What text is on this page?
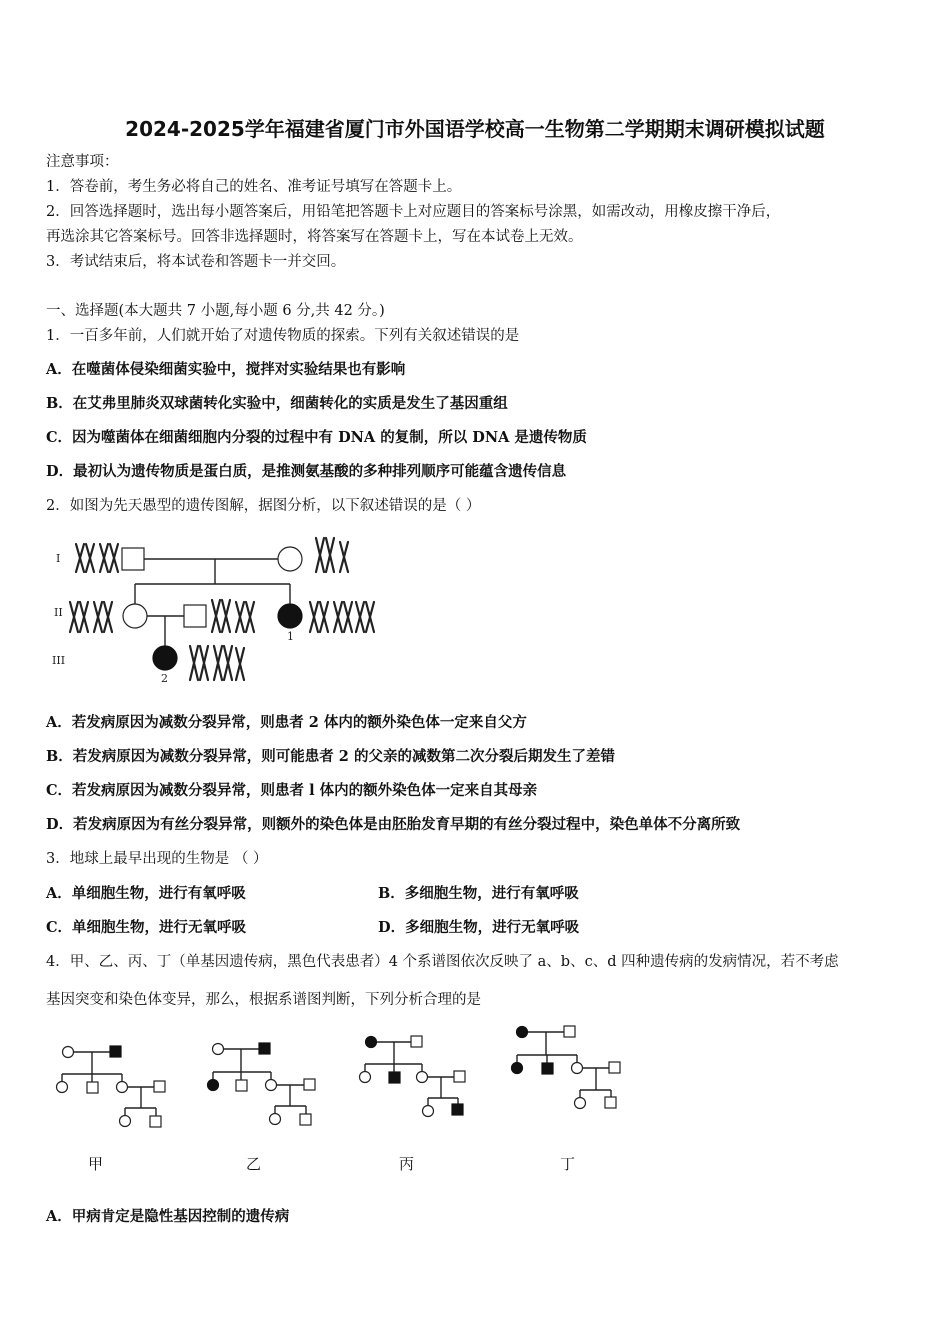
2024-2025学年福建省厦门市外国语学校高一生物第二学期期末调研模拟试题
注意事项：
1．答卷前，考生务必将自己的姓名、准考证号填写在答题卡上。
2．回答选择题时，选出每小题答案后，用铅笔把答题卡上对应题目的答案标号涂黑，如需改动，用橡皮擦干净后，
再选涂其它答案标号。回答非选择题时，将答案写在答题卡上，写在本试卷上无效。
3．考试结束后，将本试卷和答题卡一并交回。
一、选择题(本大题共 7 小题,每小题 6 分,共 42 分。)
1．一百多年前，人们就开始了对遗传物质的探索。下列有关叙述错误的是
A．在噬菌体侵染细菌实验中，搅拌对实验结果也有影响
B．在艾弗里肺炎双球菌转化实验中，细菌转化的实质是发生了基因重组
C．因为噬菌体在细菌细胞内分裂的过程中有 DNA 的复制，所以 DNA 是遗传物质
D．最初认为遗传物质是蛋白质，是推测氨基酸的多种排列顺序可能蕴含遗传信息
2．如图为先天愚型的遗传图解，据图分析，以下叙述错误的是（ ）
I
II
III
1
2
A．若发病原因为减数分裂异常，则患者 2 体内的额外染色体一定来自父方
B．若发病原因为减数分裂异常，则可能患者 2 的父亲的减数第二次分裂后期发生了差错
C．若发病原因为减数分裂异常，则患者 l 体内的额外染色体一定来自其母亲
D．若发病原因为有丝分裂异常，则额外的染色体是由胚胎发育早期的有丝分裂过程中，染色单体不分离所致
3．地球上最早出现的生物是 （ ）
A．单细胞生物，进行有氧呼吸	B．多细胞生物，进行有氧呼吸
C．单细胞生物，进行无氧呼吸	D．多细胞生物，进行无氧呼吸
4．甲、乙、丙、丁（单基因遗传病，黑色代表患者）4 个系谱图依次反映了 a、b、c、d 四种遗传病的发病情况，若不考虑
基因突变和染色体变异，那么，根据系谱图判断，下列分析合理的是
甲	乙	丙	丁
A．甲病肯定是隐性基因控制的遗传病
